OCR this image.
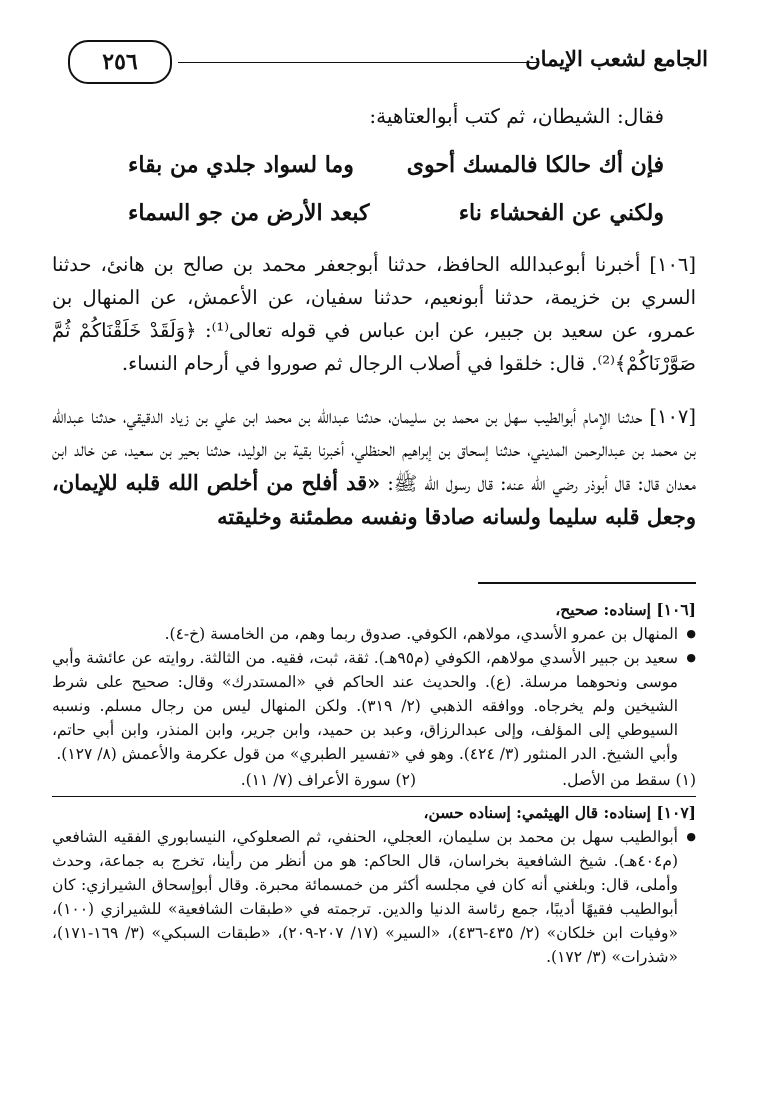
الجامع لشعب الإيمان
٢٥٦
فقال: الشيطان، ثم كتب أبوالعتاهية:
فإن أك حالكا فالمسك أحوى
وما لسواد جلدي من بقاء
ولكني عن الفحشاء ناء
كبعد الأرض من جو السماء
[١٠٦] أخبرنا أبوعبدالله الحافظ، حدثنا أبوجعفر محمد بن صالح بن هانئ، حدثنا السري بن خزيمة، حدثنا أبونعيم، حدثنا سفيان، عن الأعمش، عن المنهال بن عمرو، عن سعيد بن جبير، عن ابن عباس في قوله تعالى⁽¹⁾: ﴿وَلَقَدْ خَلَقْنَاكُمْ ثُمَّ صَوَّرْنَاكُمْ﴾⁽²⁾. قال: خلقوا في أصلاب الرجال ثم صوروا في أرحام النساء.
[١٠٧] حدثنا الإمام أبوالطيب سهل بن محمد بن سليمان، حدثنا عبدالله بن محمد ابن علي بن زياد الدقيقي، حدثنا عبدالله بن محمد بن عبدالرحمن المديني، حدثنا إسحاق بن إبراهيم الحنظلي، أخبرنا بقية بن الوليد، حدثنا بحير بن سعيد، عن خالد ابن معدان قال: قال أبوذر رضي الله عنه: قال رسول الله ﷺ: «قد أفلح من أخلص الله قلبه للإيمان، وجعل قلبه سليما ولسانه صادقا ونفسه مطمئنة وخليقته

[١٠٦] إسناده: صحيح،

● المنهال بن عمرو الأسدي، مولاهم، الكوفي. صدوق ربما وهم، من الخامسة (خ-٤).
● سعيد بن جبير الأسدي مولاهم، الكوفي (م٩٥هـ). ثقة، ثبت، فقيه. من الثالثة. روايته عن عائشة وأبي موسى ونحوهما مرسلة. (ع). والحديث عند الحاكم في «المستدرك» وقال: صحيح على شرط الشيخين ولم يخرجاه. ووافقه الذهبي (٢/ ٣١٩). ولكن المنهال ليس من رجال مسلم. ونسبه السيوطي إلى المؤلف، وإلى عبدالرزاق، وعبد بن حميد، وابن جرير، وابن المنذر، وابن أبي حاتم، وأبي الشيخ. الدر المنثور (٣/ ٤٢٤). وهو في «تفسير الطبري» من قول عكرمة والأعمش (٨/ ١٢٧).
(١) سقط من الأصل.
(٢) سورة الأعراف (٧/ ١١).

[١٠٧] إسناده: قال الهيثمي: إسناده حسن،

● أبوالطيب سهل بن محمد بن سليمان، العجلي، الحنفي، ثم الصعلوكي، النيسابوري الفقيه الشافعي (م٤٠٤هـ). شيخ الشافعية بخراسان، قال الحاكم: هو من أنظر من رأينا، تخرج به جماعة، وحدث وأملى، قال: وبلغني أنه كان في مجلسه أكثر من خمسمائة محبرة. وقال أبوإسحاق الشيرازي: كان أبوالطيب فقيهًا أديبًا، جمع رئاسة الدنيا والدين. ترجمته في «طبقات الشافعية» للشيرازي (١٠٠)، «وفيات ابن خلكان» (٢/ ٤٣٥-٤٣٦)، «السير» (١٧/ ٢٠٧-٢٠٩)، «طبقات السبكي» (٣/ ١٦٩-١٧١)، «شذرات» (٣/ ١٧٢).
